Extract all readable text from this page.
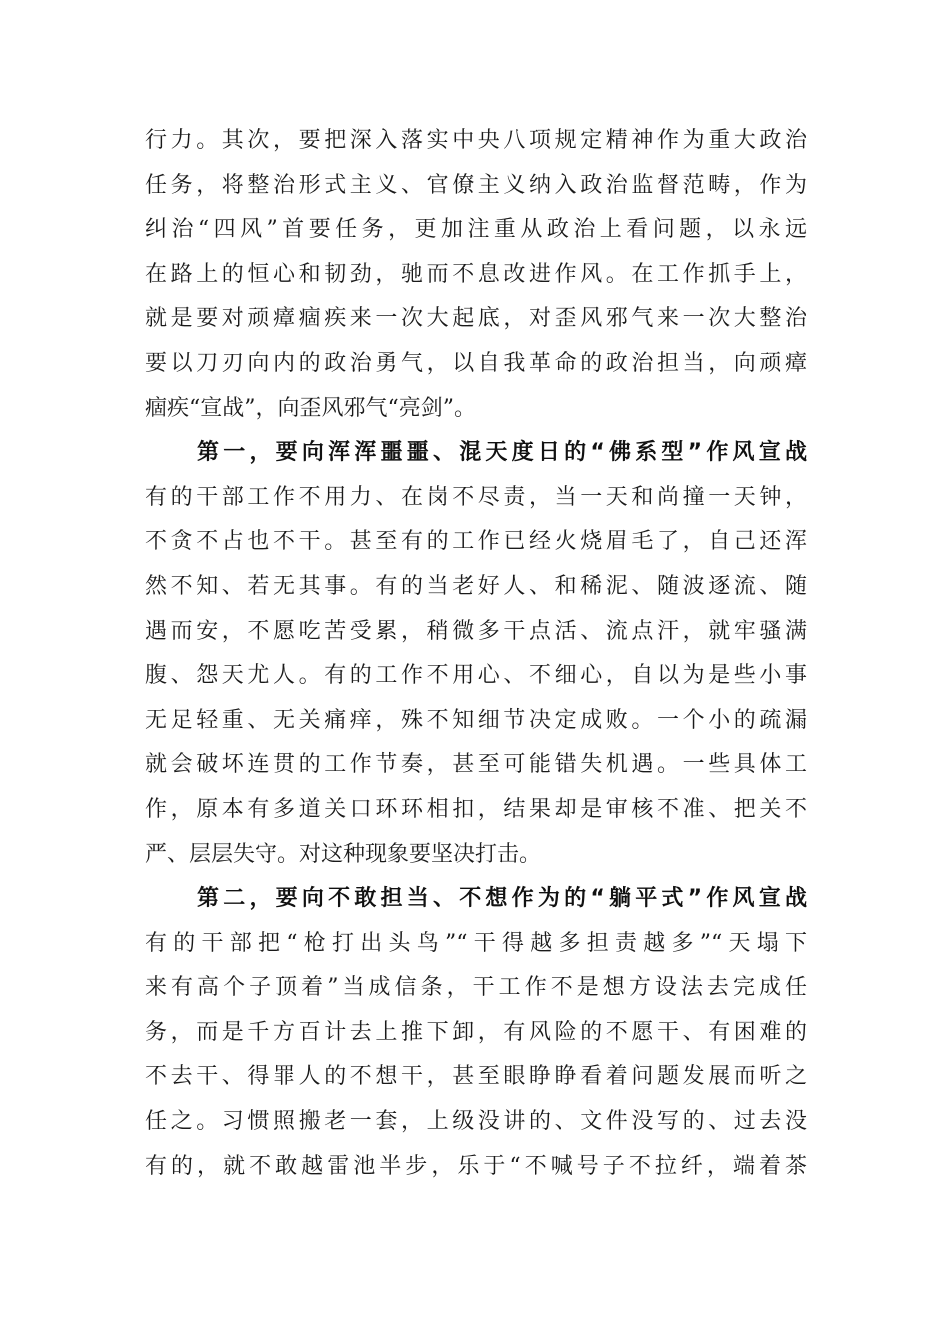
行力。其次，要把深入落实中央八项规定精神作为重大政治
任务，将整治形式主义、官僚主义纳入政治监督范畴，作为
纠治“四风”首要任务，更加注重从政治上看问题，以永远
在路上的恒心和韧劲，驰而不息改进作风。在工作抓手上，
就是要对顽瘴痼疾来一次大起底，对歪风邪气来一次大整治
要以刀刃向内的政治勇气，以自我革命的政治担当，向顽瘴
痼疾“宣战”，向歪风邪气“亮剑”。
第一，要向浑浑噩噩、混天度日的“佛系型”作风宣战
有的干部工作不用力、在岗不尽责，当一天和尚撞一天钟，
不贪不占也不干。甚至有的工作已经火烧眉毛了，自己还浑
然不知、若无其事。有的当老好人、和稀泥、随波逐流、随
遇而安，不愿吃苦受累，稍微多干点活、流点汗，就牢骚满
腹、怨天尤人。有的工作不用心、不细心，自以为是些小事
无足轻重、无关痛痒，殊不知细节决定成败。一个小的疏漏
就会破坏连贯的工作节奏，甚至可能错失机遇。一些具体工
作，原本有多道关口环环相扣，结果却是审核不准、把关不
严、层层失守。对这种现象要坚决打击。
第二，要向不敢担当、不想作为的“躺平式”作风宣战
有的干部把“枪打出头鸟”“干得越多担责越多”“天塌下
来有高个子顶着”当成信条，干工作不是想方设法去完成任
务，而是千方百计去上推下卸，有风险的不愿干、有困难的
不去干、得罪人的不想干，甚至眼睁睁看着问题发展而听之
任之。习惯照搬老一套，上级没讲的、文件没写的、过去没
有的，就不敢越雷池半步，乐于“不喊号子不拉纤，端着茶
